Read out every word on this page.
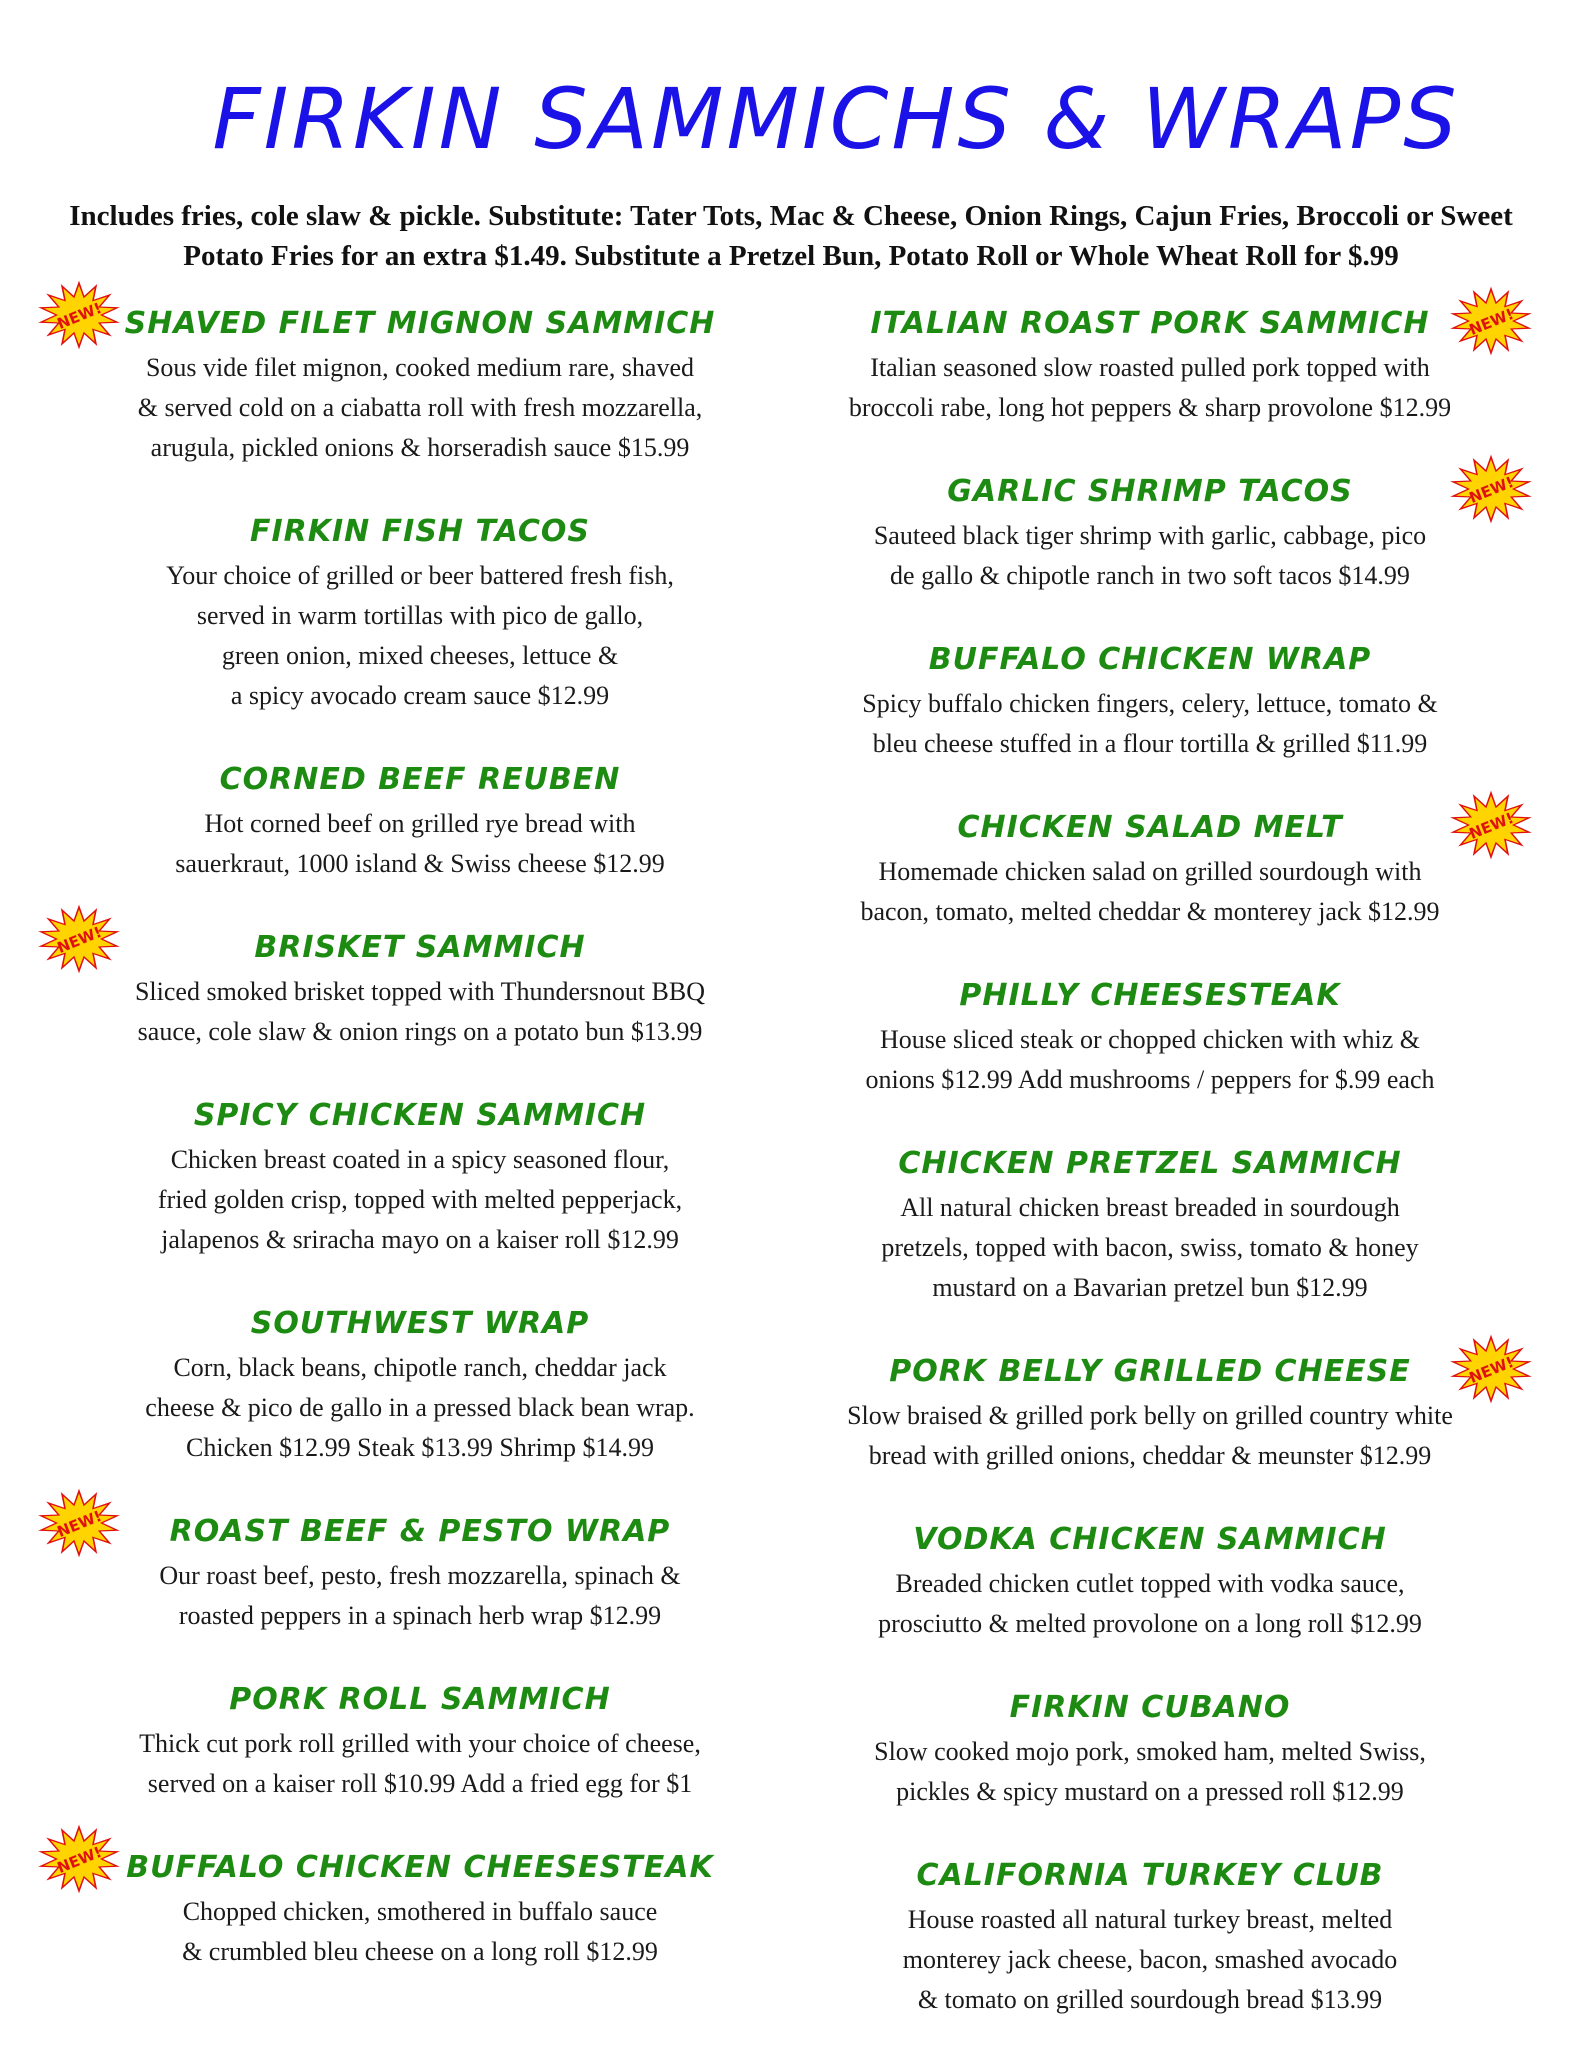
FIRKIN SAMMICHS & WRAPS

Includes fries, cole slaw & pickle. Substitute: Tater Tots, Mac & Cheese, Onion Rings, Cajun Fries, Broccoli or Sweet Potato Fries for an extra $1.49. Substitute a Pretzel Bun, Potato Roll or Whole Wheat Roll for $.99

SHAVED FILET MIGNON SAMMICH

Sous vide filet mignon, cooked medium rare, shaved
& served cold on a ciabatta roll with fresh mozzarella,
arugula, pickled onions & horseradish sauce $15.99

NEW!
FIRKIN FISH TACOS

Your choice of grilled or beer battered fresh fish,
served in warm tortillas with pico de gallo,
green onion, mixed cheeses, lettuce &
a spicy avocado cream sauce $12.99

CORNED BEEF REUBEN

Hot corned beef on grilled rye bread with
sauerkraut, 1000 island & Swiss cheese $12.99

BRISKET SAMMICH

Sliced smoked brisket topped with Thundersnout BBQ
sauce, cole slaw & onion rings on a potato bun $13.99

NEW!
SPICY CHICKEN SAMMICH

Chicken breast coated in a spicy seasoned flour,
fried golden crisp, topped with melted pepperjack,
jalapenos & sriracha mayo on a kaiser roll $12.99

SOUTHWEST WRAP

Corn, black beans, chipotle ranch, cheddar jack
cheese & pico de gallo in a pressed black bean wrap.
Chicken $12.99 Steak $13.99 Shrimp $14.99

ROAST BEEF & PESTO WRAP

Our roast beef, pesto, fresh mozzarella, spinach &
roasted peppers in a spinach herb wrap $12.99

NEW!
PORK ROLL SAMMICH

Thick cut pork roll grilled with your choice of cheese,
served on a kaiser roll $10.99 Add a fried egg for $1

BUFFALO CHICKEN CHEESESTEAK

Chopped chicken, smothered in buffalo sauce
& crumbled bleu cheese on a long roll $12.99

NEW!
ITALIAN ROAST PORK SAMMICH

Italian seasoned slow roasted pulled pork topped with
broccoli rabe, long hot peppers & sharp provolone $12.99

NEW!
GARLIC SHRIMP TACOS

Sauteed black tiger shrimp with garlic, cabbage, pico
de gallo & chipotle ranch in two soft tacos $14.99

NEW!
BUFFALO CHICKEN WRAP

Spicy buffalo chicken fingers, celery, lettuce, tomato &
bleu cheese stuffed in a flour tortilla & grilled $11.99

CHICKEN SALAD MELT

Homemade chicken salad on grilled sourdough with
bacon, tomato, melted cheddar & monterey jack $12.99

NEW!
PHILLY CHEESESTEAK

House sliced steak or chopped chicken with whiz &
onions $12.99 Add mushrooms / peppers for $.99 each

CHICKEN PRETZEL SAMMICH

All natural chicken breast breaded in sourdough
pretzels, topped with bacon, swiss, tomato & honey
mustard on a Bavarian pretzel bun $12.99

PORK BELLY GRILLED CHEESE

Slow braised & grilled pork belly on grilled country white
bread with grilled onions, cheddar & meunster $12.99

NEW!
VODKA CHICKEN SAMMICH

Breaded chicken cutlet topped with vodka sauce,
prosciutto & melted provolone on a long roll $12.99

FIRKIN CUBANO

Slow cooked mojo pork, smoked ham, melted Swiss,
pickles & spicy mustard on a pressed roll $12.99

CALIFORNIA TURKEY CLUB

House roasted all natural turkey breast, melted
monterey jack cheese, bacon, smashed avocado
& tomato on grilled sourdough bread $13.99
